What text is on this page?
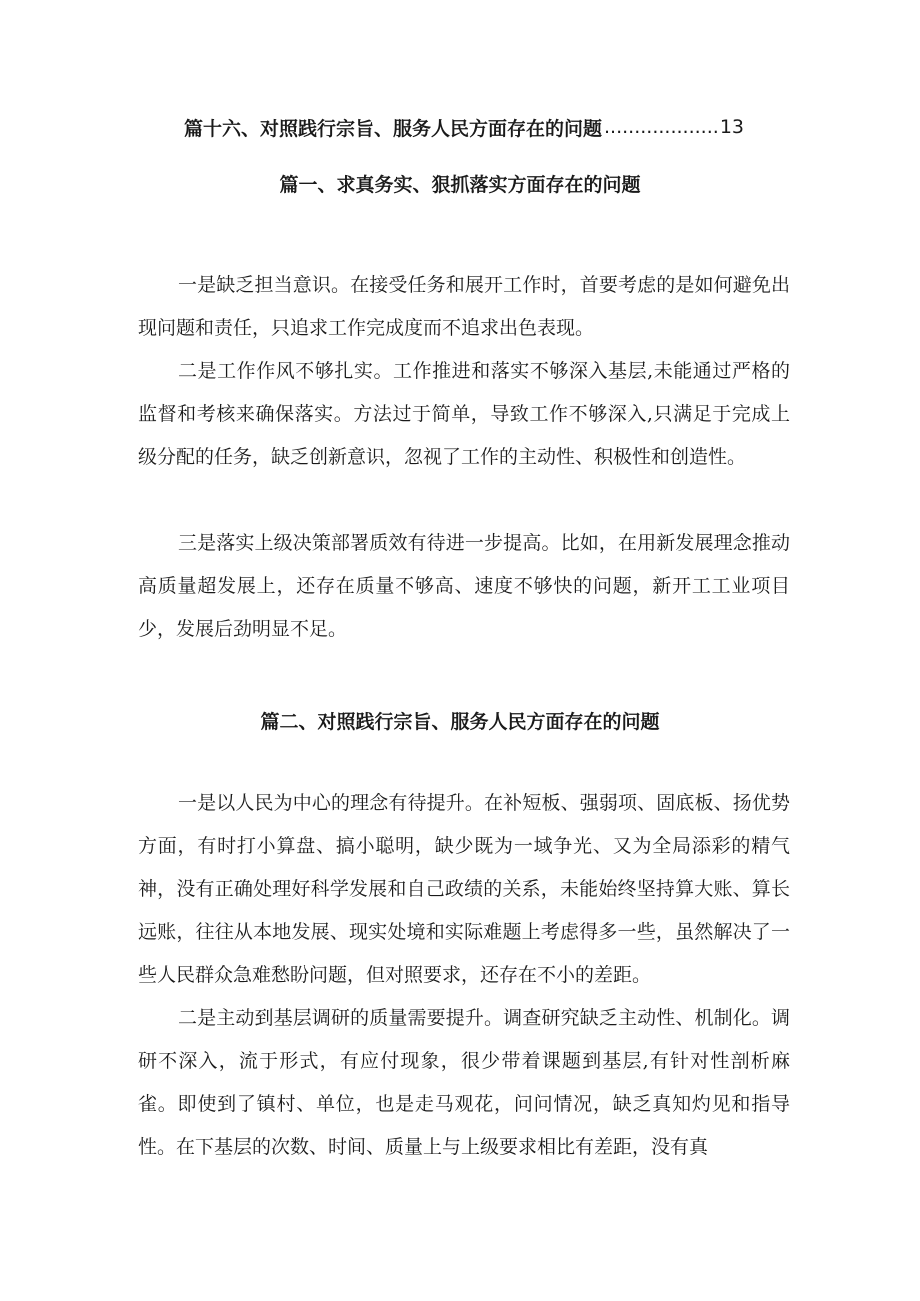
篇十六、对照践行宗旨、服务人民方面存在的问题
.....	13
篇一、求真务实、狠抓落实方面存在的问题

一是缺乏担当意识。在接受任务和展开工作时，首要考虑的是如何避免出现问题和责任，只追求工作完成度而不追求出色表现。

二是工作作风不够扎实。工作推进和落实不够深入基层,未能通过严格的监督和考核来确保落实。方法过于简单，导致工作不够深入,只满足于完成上级分配的任务，缺乏创新意识，忽视了工作的主动性、积极性和创造性。

三是落实上级决策部署质效有待进一步提高。比如，在用新发展理念推动高质量超发展上，还存在质量不够高、速度不够快的问题，新开工工业项目少，发展后劲明显不足。

篇二、对照践行宗旨、服务人民方面存在的问题

一是以人民为中心的理念有待提升。在补短板、强弱项、固底板、扬优势方面，有时打小算盘、搞小聪明，缺少既为一域争光、又为全局添彩的精气神，没有正确处理好科学发展和自己政绩的关系，未能始终坚持算大账、算长远账，往往从本地发展、现实处境和实际难题上考虑得多一些，虽然解决了一些人民群众急难愁盼问题，但对照要求，还存在不小的差距。

二是主动到基层调研的质量需要提升。调查研究缺乏主动性、机制化。调研不深入，流于形式，有应付现象，很少带着课题到基层,有针对性剖析麻雀。即使到了镇村、单位，也是走马观花，问问情况，缺乏真知灼见和指导性。在下基层的次数、时间、质量上与上级要求相比有差距，没有真
